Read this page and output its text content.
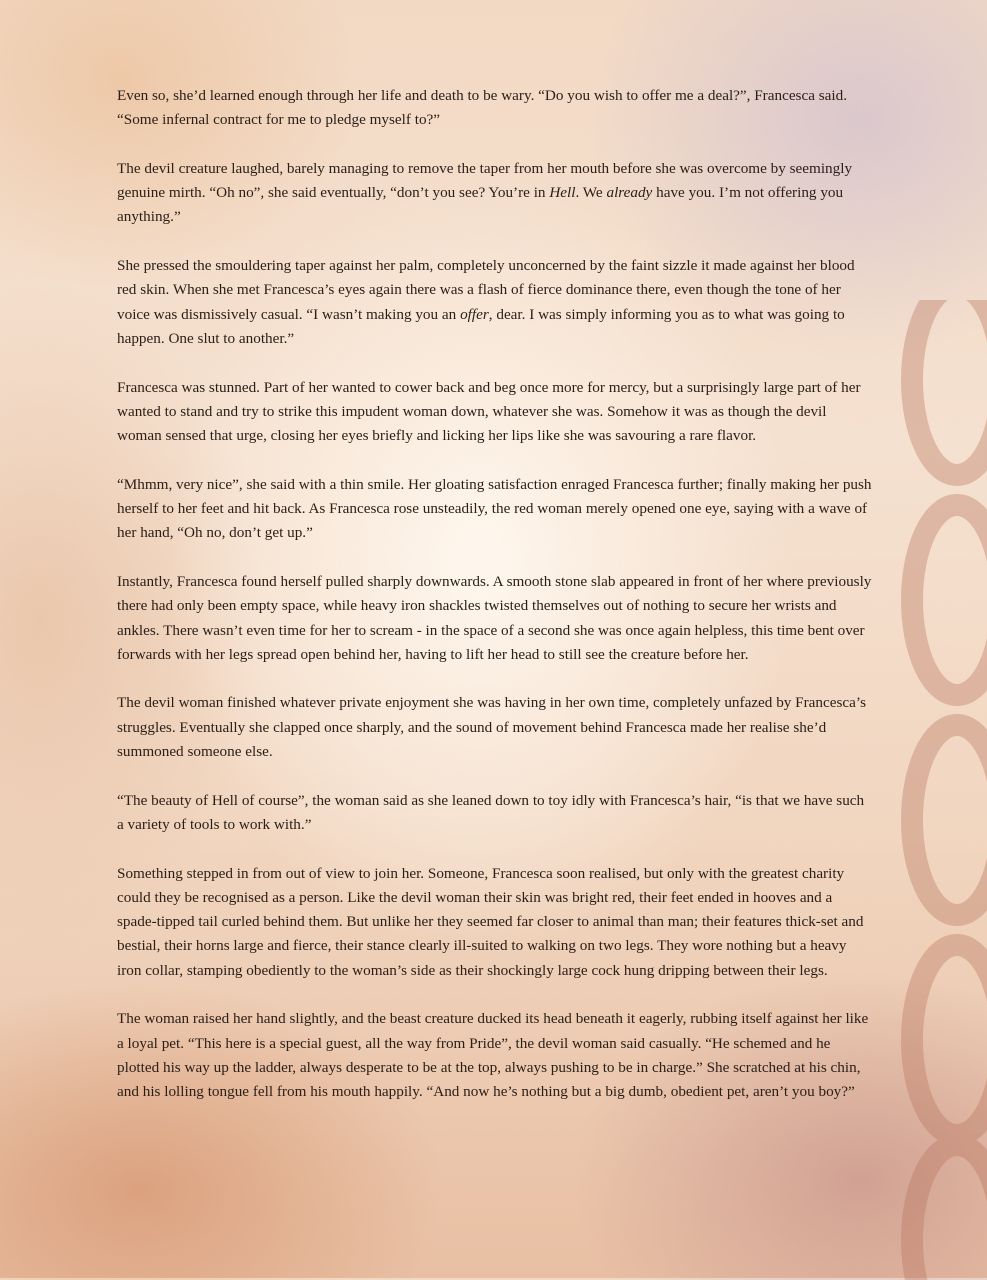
Even so, she’d learned enough through her life and death to be wary. “Do you wish to offer me a deal?”, Francesca said. “Some infernal contract for me to pledge myself to?”

The devil creature laughed, barely managing to remove the taper from her mouth before she was overcome by seemingly genuine mirth. “Oh no”, she said eventually, “don’t you see? You’re in Hell. We already have you. I’m not offering you anything.”

She pressed the smouldering taper against her palm, completely unconcerned by the faint sizzle it made against her blood red skin. When she met Francesca’s eyes again there was a flash of fierce dominance there, even though the tone of her voice was dismissively casual. “I wasn’t making you an offer, dear. I was simply informing you as to what was going to happen. One slut to another.”

Francesca was stunned. Part of her wanted to cower back and beg once more for mercy, but a surprisingly large part of her wanted to stand and try to strike this impudent woman down, whatever she was. Somehow it was as though the devil woman sensed that urge, closing her eyes briefly and licking her lips like she was savouring a rare flavor.

“Mhmm, very nice”, she said with a thin smile. Her gloating satisfaction enraged Francesca further; finally making her push herself to her feet and hit back. As Francesca rose unsteadily, the red woman merely opened one eye, saying with a wave of her hand, “Oh no, don’t get up.”

Instantly, Francesca found herself pulled sharply downwards. A smooth stone slab appeared in front of her where previously there had only been empty space, while heavy iron shackles twisted themselves out of nothing to secure her wrists and ankles. There wasn’t even time for her to scream - in the space of a second she was once again helpless, this time bent over forwards with her legs spread open behind her, having to lift her head to still see the creature before her.

The devil woman finished whatever private enjoyment she was having in her own time, completely unfazed by Francesca’s struggles. Eventually she clapped once sharply, and the sound of movement behind Francesca made her realise she’d summoned someone else.

“The beauty of Hell of course”, the woman said as she leaned down to toy idly with Francesca’s hair, “is that we have such a variety of tools to work with.”

Something stepped in from out of view to join her. Someone, Francesca soon realised, but only with the greatest charity could they be recognised as a person. Like the devil woman their skin was bright red, their feet ended in hooves and a spade-tipped tail curled behind them. But unlike her they seemed far closer to animal than man; their features thick-set and bestial, their horns large and fierce, their stance clearly ill-suited to walking on two legs. They wore nothing but a heavy iron collar, stamping obediently to the woman’s side as their shockingly large cock hung dripping between their legs.

The woman raised her hand slightly, and the beast creature ducked its head beneath it eagerly, rubbing itself against her like a loyal pet. “This here is a special guest, all the way from Pride”, the devil woman said casually. “He schemed and he plotted his way up the ladder, always desperate to be at the top, always pushing to be in charge.” She scratched at his chin, and his lolling tongue fell from his mouth happily. “And now he’s nothing but a big dumb, obedient pet, aren’t you boy?”
